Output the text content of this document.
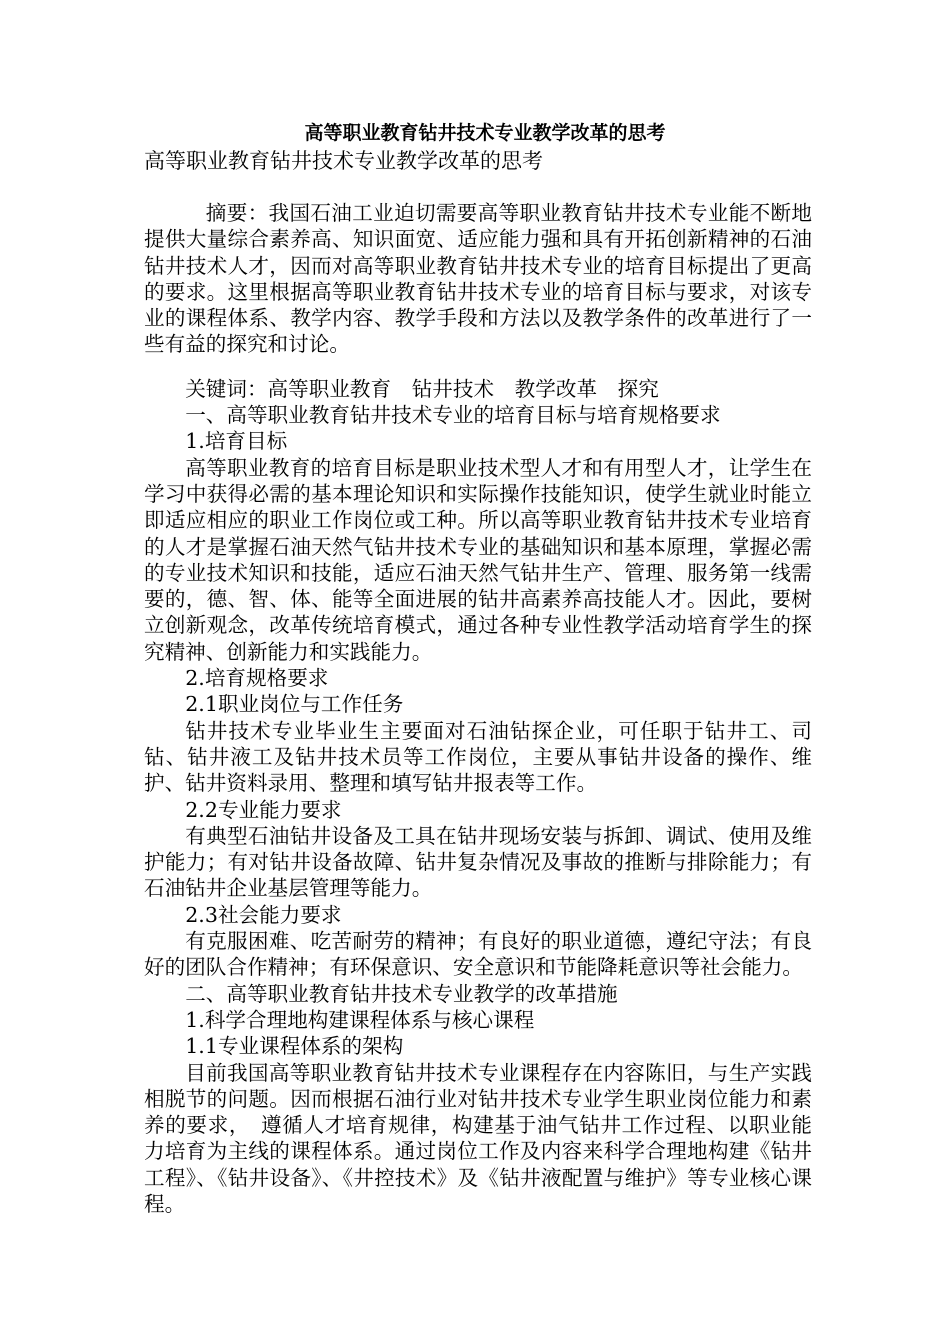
高等职业教育钻井技术专业教学改革的思考
高等职业教育钻井技术专业教学改革的思考

摘要：我国石油工业迫切需要高等职业教育钻井技术专业能不断地提供大量综合素养高、知识面宽、适应能力强和具有开拓创新精神的石油钻井技术人才，因而对高等职业教育钻井技术专业的培育目标提出了更高的要求。这里根据高等职业教育钻井技术专业的培育目标与要求，对该专业的课程体系、教学内容、教学手段和方法以及教学条件的改革进行了一些有益的探究和讨论。

关键词：高等职业教育　钻井技术　教学改革　探究

一、高等职业教育钻井技术专业的培育目标与培育规格要求

1.培育目标

高等职业教育的培育目标是职业技术型人才和有用型人才，让学生在学习中获得必需的基本理论知识和实际操作技能知识，使学生就业时能立即适应相应的职业工作岗位或工种。所以高等职业教育钻井技术专业培育的人才是掌握石油天然气钻井技术专业的基础知识和基本原理，掌握必需的专业技术知识和技能，适应石油天然气钻井生产、管理、服务第一线需要的，德、智、体、能等全面进展的钻井高素养高技能人才。因此，要树立创新观念，改革传统培育模式，通过各种专业性教学活动培育学生的探究精神、创新能力和实践能力。

2.培育规格要求

2.1职业岗位与工作任务

钻井技术专业毕业生主要面对石油钻探企业，可任职于钻井工、司钻、钻井液工及钻井技术员等工作岗位，主要从事钻井设备的操作、维护、钻井资料录用、整理和填写钻井报表等工作。

2.2专业能力要求

有典型石油钻井设备及工具在钻井现场安装与拆卸、调试、使用及维护能力；有对钻井设备故障、钻井复杂情况及事故的推断与排除能力；有石油钻井企业基层管理等能力。

2.3社会能力要求

有克服困难、吃苦耐劳的精神；有良好的职业道德，遵纪守法；有良好的团队合作精神；有环保意识、安全意识和节能降耗意识等社会能力。

二、高等职业教育钻井技术专业教学的改革措施

1.科学合理地构建课程体系与核心课程

1.1专业课程体系的架构

目前我国高等职业教育钻井技术专业课程存在内容陈旧，与生产实践相脱节的问题。因而根据石油行业对钻井技术专业学生职业岗位能力和素养的要求，　遵循人才培育规律，构建基于油气钻井工作过程、以职业能力培育为主线的课程体系。通过岗位工作及内容来科学合理地构建《钻井工程》、《钻井设备》、《井控技术》及《钻井液配置与维护》等专业核心课程。
